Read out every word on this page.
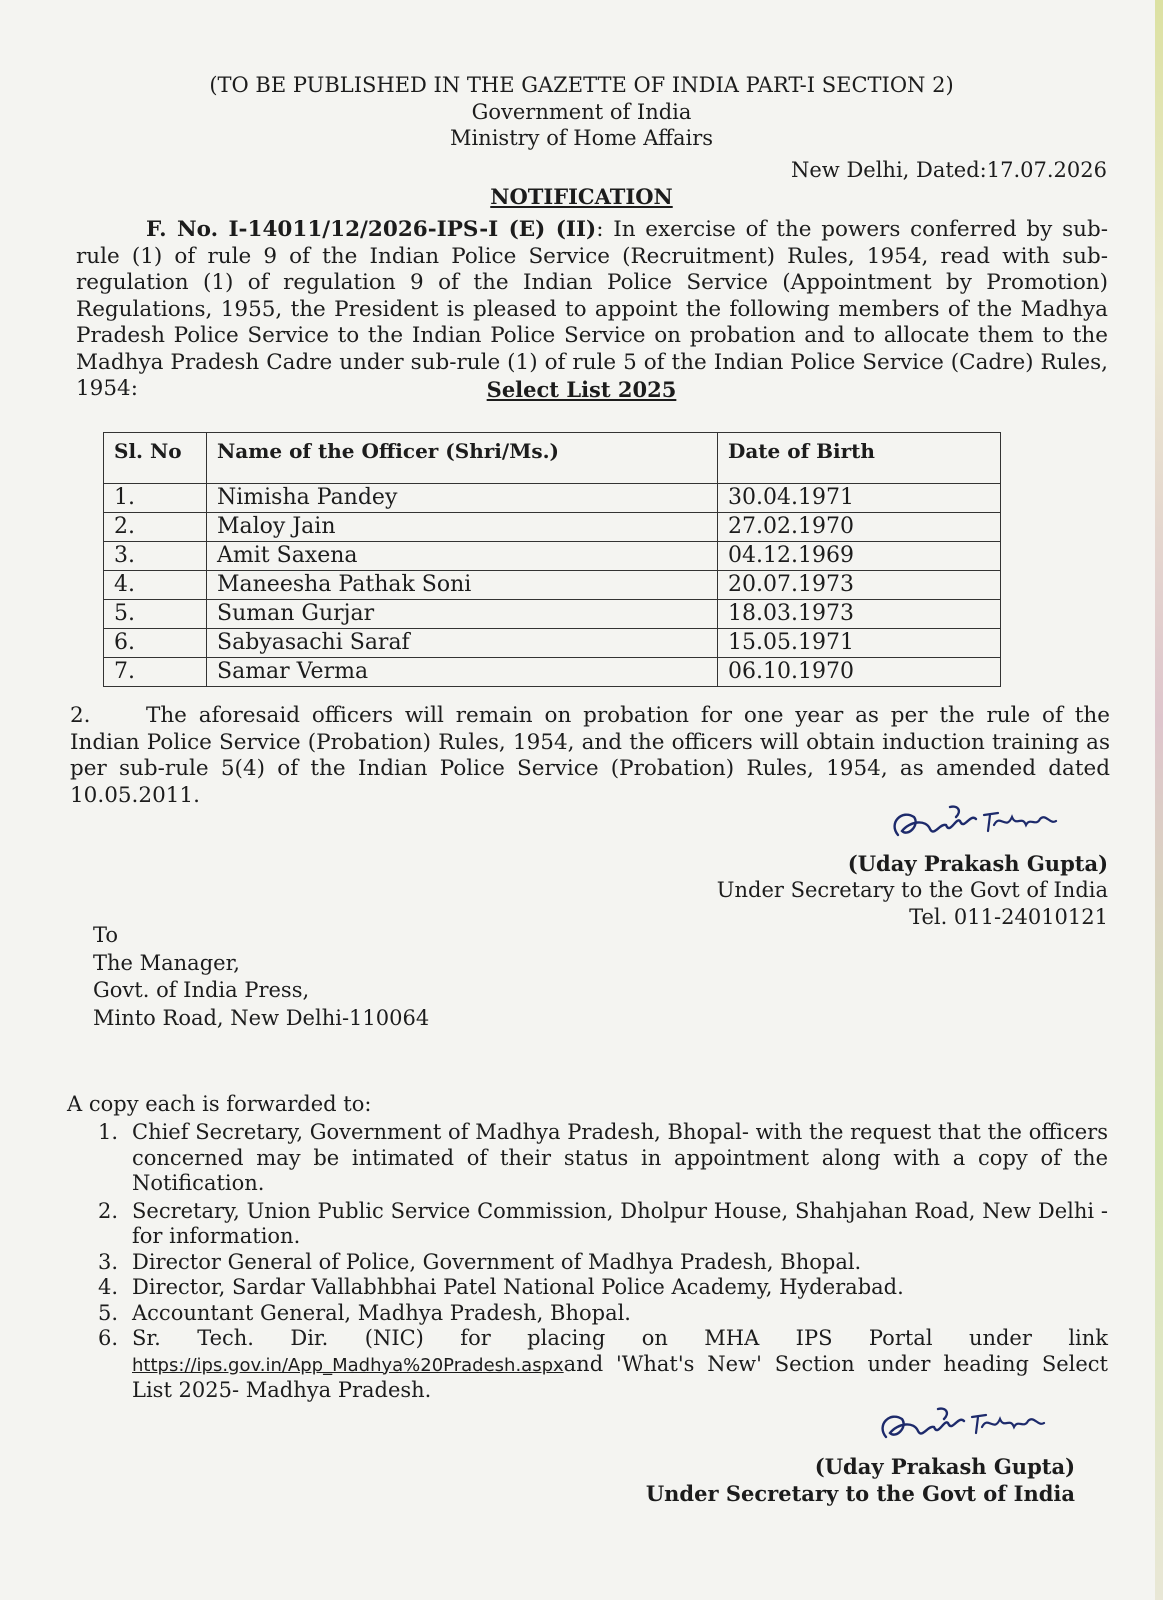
(TO BE PUBLISHED IN THE GAZETTE OF INDIA PART-I SECTION 2)
Government of India
Ministry of Home Affairs
New Delhi, Dated:17.07.2026
NOTIFICATION
F. No. I-14011/12/2026-IPS-I (E) (II): In exercise of the powers conferred by sub-rule (1) of rule 9 of the Indian Police Service (Recruitment) Rules, 1954, read with sub-regulation (1) of regulation 9 of the Indian Police Service (Appointment by Promotion) Regulations, 1955, the President is pleased to appoint the following members of the Madhya Pradesh Police Service to the Indian Police Service on probation and to allocate them to the Madhya Pradesh Cadre under sub-rule (1) of rule 5 of the Indian Police Service (Cadre) Rules, 1954:	Select List 2025
Sl. No	Name of the Officer (Shri/Ms.)	Date of Birth
1.	Nimisha Pandey	30.04.1971
2.	Maloy Jain	27.02.1970
3.	Amit Saxena	04.12.1969
4.	Maneesha Pathak Soni	20.07.1973
5.	Suman Gurjar	18.03.1973
6.	Sabyasachi Saraf	15.05.1971
7.	Samar Verma	06.10.1970
2.	The aforesaid officers will remain on probation for one year as per the rule of the Indian Police Service (Probation) Rules, 1954, and the officers will obtain induction training as per sub-rule 5(4) of the Indian Police Service (Probation) Rules, 1954, as amended dated 10.05.2011.
(Uday Prakash Gupta)
Under Secretary to the Govt of India
Tel. 011-24010121
To
The Manager,
Govt. of India Press,
Minto Road, New Delhi-110064
A copy each is forwarded to:
1. Chief Secretary, Government of Madhya Pradesh, Bhopal- with the request that the officers concerned may be intimated of their status in appointment along with a copy of the Notification.
2. Secretary, Union Public Service Commission, Dholpur House, Shahjahan Road, New Delhi - for information.
3. Director General of Police, Government of Madhya Pradesh, Bhopal.
4. Director, Sardar Vallabhbhai Patel National Police Academy, Hyderabad.
5. Accountant General, Madhya Pradesh, Bhopal.
6. Sr. Tech. Dir. (NIC) for placing on MHA IPS Portal under link https://ips.gov.in/App_Madhya%20Pradesh.aspxand 'What's New' Section under heading Select List 2025- Madhya Pradesh.
(Uday Prakash Gupta)
Under Secretary to the Govt of India
